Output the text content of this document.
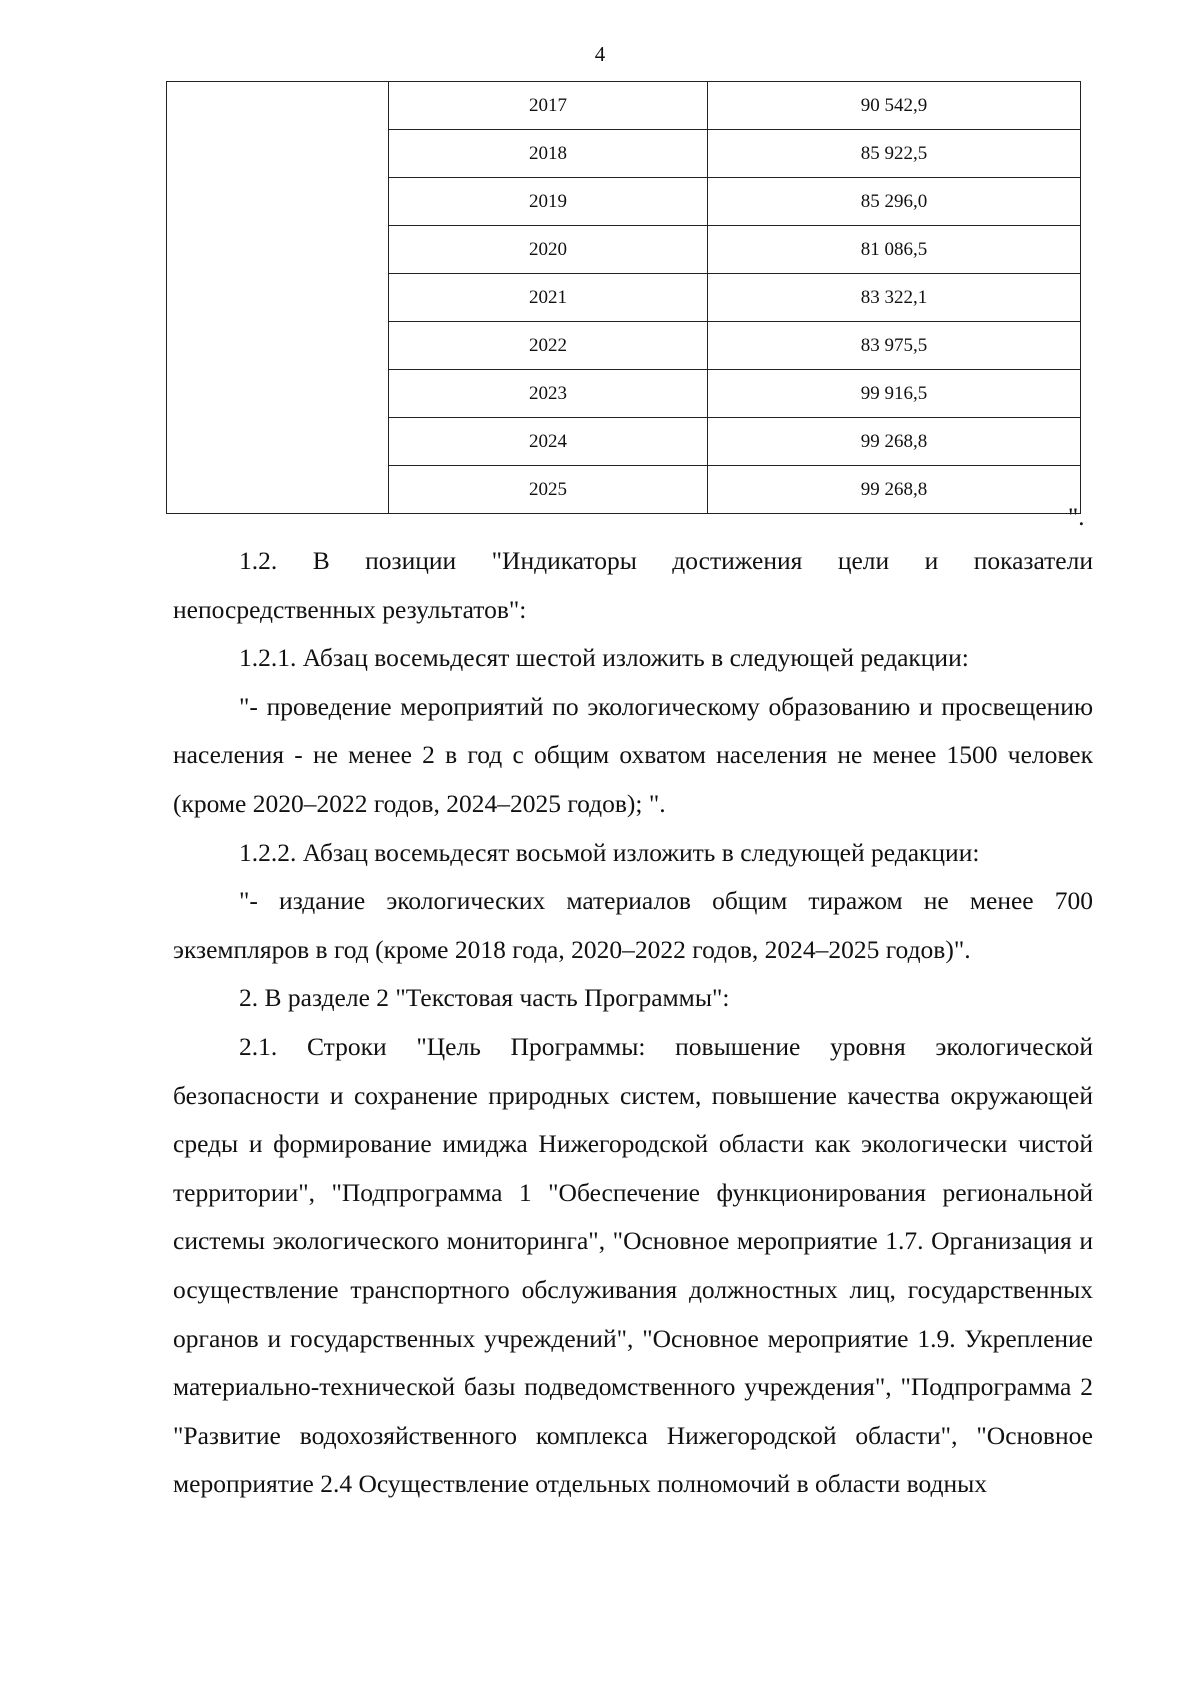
4
	2017	90 542,9
	2018	85 922,5
	2019	85 296,0
	2020	81 086,5
	2021	83 322,1
	2022	83 975,5
	2023	99 916,5
	2024	99 268,8
	2025	99 268,8
".

1.2. В позиции "Индикаторы достижения цели и показатели непосредственных результатов":

1.2.1. Абзац восемьдесят шестой изложить в следующей редакции:

"- проведение мероприятий по экологическому образованию и просвещению населения - не менее 2 в год с общим охватом населения не менее 1500 человек (кроме 2020–2022 годов, 2024–2025 годов); ".

1.2.2. Абзац восемьдесят восьмой изложить в следующей редакции:

"- издание экологических материалов общим тиражом не менее 700 экземпляров в год (кроме 2018 года, 2020–2022 годов, 2024–2025 годов)".

2. В разделе 2 "Текстовая часть Программы":

2.1. Строки "Цель Программы: повышение уровня экологической безопасности и сохранение природных систем, повышение качества окружающей среды и формирование имиджа Нижегородской области как экологически чистой территории", "Подпрограмма 1 "Обеспечение функционирования региональной системы экологического мониторинга", "Основное мероприятие 1.7. Организация и осуществление транспортного обслуживания должностных лиц, государственных органов и государственных учреждений", "Основное мероприятие 1.9. Укрепление материально-технической базы подведомственного учреждения", "Подпрограмма 2 "Развитие водохозяйственного комплекса Нижегородской области", "Основное мероприятие 2.4 Осуществление отдельных полномочий в области водных
